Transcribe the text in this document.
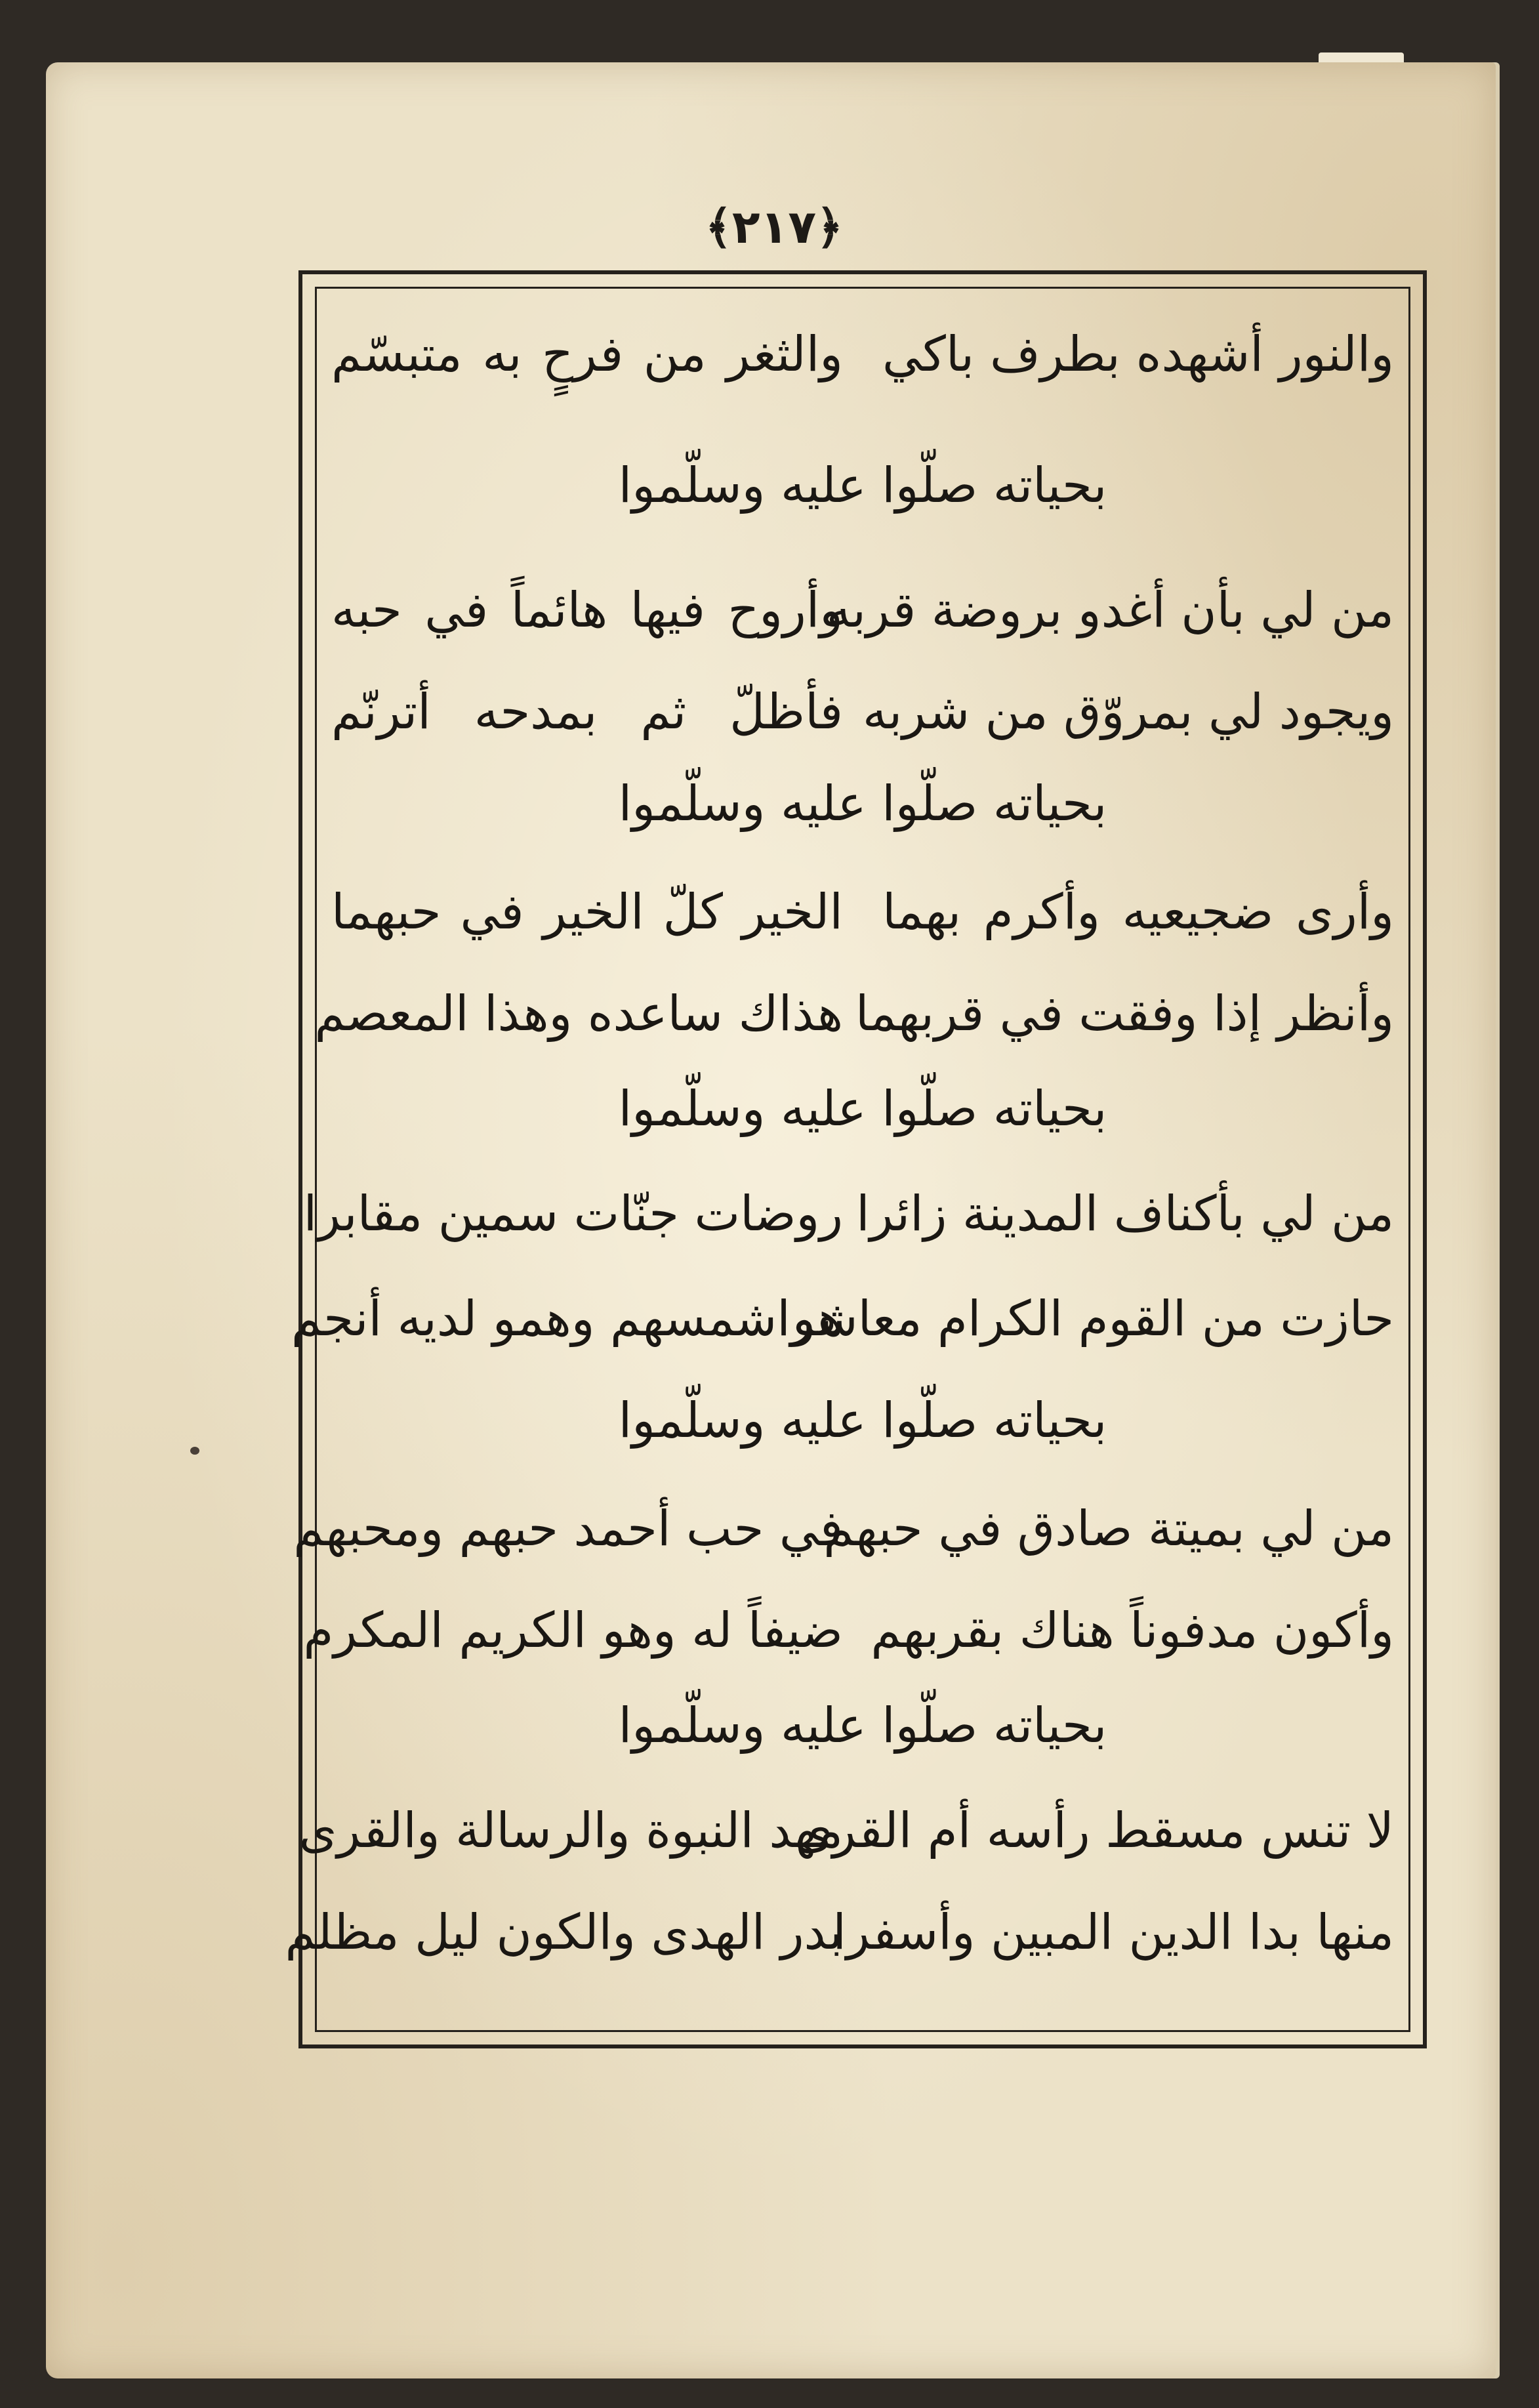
﴿٢١٧﴾
والنور أشهده بطرف باكي
والثغر من فرحٍ به متبسّم
بحياته صلّوا عليه وسلّموا
من لي بأن أغدو بروضة قربه
وأروح فيها هائماً في حبه
ويجود لي بمروّق من شربه
فأظلّ ثم بمدحه أترنّم
بحياته صلّوا عليه وسلّموا
وأرى ضجيعيه وأكرم بهما
الخير كلّ الخير في حبهما
وأنظر إذا وفقت في قربهما
هذاك ساعده وهذا المعصم
بحياته صلّوا عليه وسلّموا
من لي بأكناف المدينة زائرا
روضات جنّات سمين مقابرا
حازت من القوم الكرام معاشرا
هو شمسهم وهمو لديه أنجم
بحياته صلّوا عليه وسلّموا
من لي بميتة صادق في حبهم
في حب أحمد حبهم ومحبهم
وأكون مدفوناً هناك بقربهم
ضيفاً له وهو الكريم المكرم
بحياته صلّوا عليه وسلّموا
لا تنس مسقط رأسه أم القرى
مهد النبوة والرسالة والقرى
منها بدا الدين المبين وأسفرا
بدر الهدى والكون ليل مظلم
